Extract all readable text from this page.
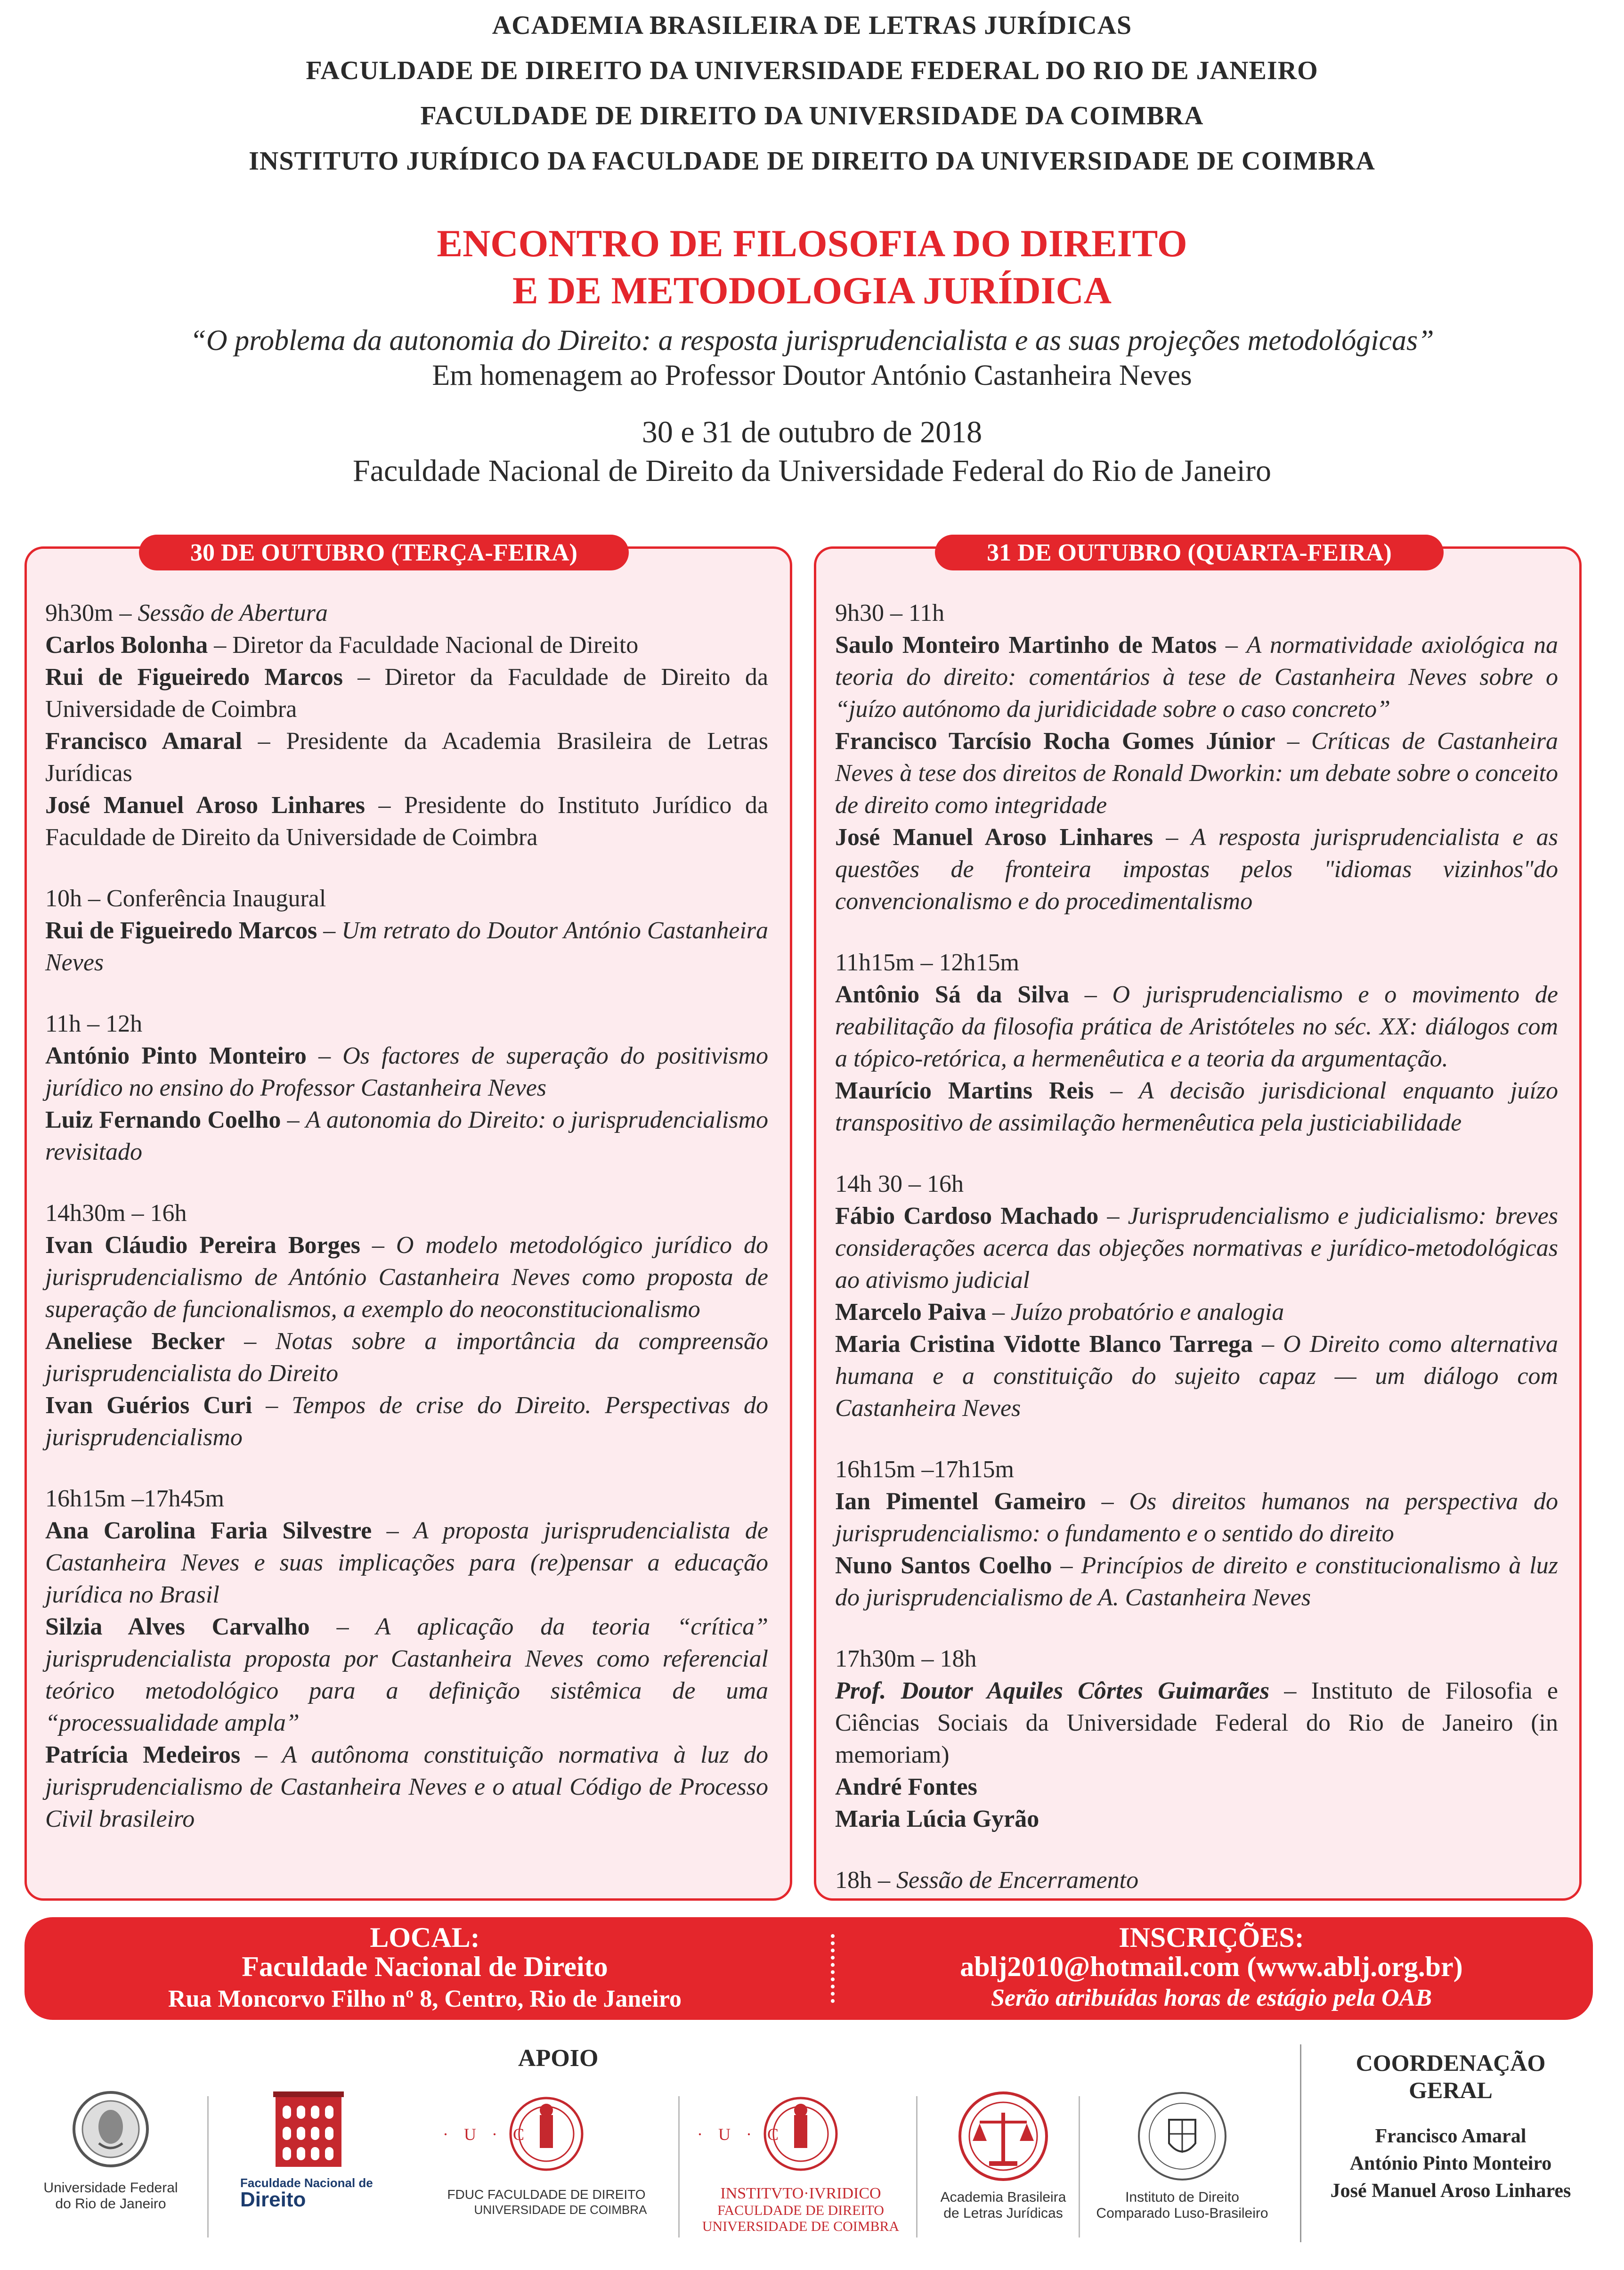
ACADEMIA BRASILEIRA DE LETRAS JURÍDICAS
FACULDADE DE DIREITO DA UNIVERSIDADE FEDERAL DO RIO DE JANEIRO
FACULDADE DE DIREITO DA UNIVERSIDADE DA COIMBRA
INSTITUTO JURÍDICO DA FACULDADE DE DIREITO DA UNIVERSIDADE DE COIMBRA
ENCONTRO DE FILOSOFIA DO DIREITO
E DE METODOLOGIA JURÍDICA
“O problema da autonomia do Direito: a resposta jurisprudencialista e as suas projeções metodológicas”
Em homenagem ao Professor Doutor António Castanheira Neves
30 e 31 de outubro de 2018
Faculdade Nacional de Direito da Universidade Federal do Rio de Janeiro
30 DE OUTUBRO (TERÇA-FEIRA)	31 DE OUTUBRO (QUARTA-FEIRA)

9h30m – Sessão de Abertura

Carlos Bolonha – Diretor da Faculdade Nacional de Direito

Rui de Figueiredo Marcos – Diretor da Faculdade de Direito da Universidade de Coimbra

Francisco Amaral – Presidente da Academia Brasileira de Letras Jurídicas

José Manuel Aroso Linhares – Presidente do Instituto Jurídico da Faculdade de Direito da Universidade de Coimbra

10h – Conferência Inaugural

Rui de Figueiredo Marcos – Um retrato do Doutor António Castanheira Neves

11h – 12h

António Pinto Monteiro – Os factores de superação do positivismo jurídico no ensino do Professor Castanheira Neves

Luiz Fernando Coelho – A autonomia do Direito: o jurisprudencialismo revisitado

14h30m – 16h

Ivan Cláudio Pereira Borges – O modelo metodológico jurídico do jurisprudencialismo de António Castanheira Neves como proposta de superação de funcionalismos, a exemplo do neoconstitucionalismo

Aneliese Becker – Notas sobre a importância da compreensão jurisprudencialista do Direito

Ivan Guérios Curi – Tempos de crise do Direito. Perspectivas do jurisprudencialismo

16h15m –17h45m

Ana Carolina Faria Silvestre – A proposta jurisprudencialista de Castanheira Neves e suas implicações para (re)pensar a educação jurídica no Brasil

Silzia Alves Carvalho – A aplicação da teoria “crítica” jurisprudencialista proposta por Castanheira Neves como referencial teórico metodológico para a definição sistêmica de uma “processualidade ampla”

Patrícia Medeiros – A autônoma constituição normativa à luz do jurisprudencialismo de Castanheira Neves e o atual Código de Processo Civil brasileiro

9h30 – 11h

Saulo Monteiro Martinho de Matos – A normatividade axiológica na teoria do direito: comentários à tese de Castanheira Neves sobre o “juízo autónomo da juridicidade sobre o caso concreto”

Francisco Tarcísio Rocha Gomes Júnior – Críticas de Castanheira Neves à tese dos direitos de Ronald Dworkin: um debate sobre o conceito de direito como integridade

José Manuel Aroso Linhares – A resposta jurisprudencialista e as questões de fronteira impostas pelos "idiomas vizinhos"do convencionalismo e do procedimentalismo

11h15m – 12h15m

Antônio Sá da Silva – O jurisprudencialismo e o movimento de reabilitação da filosofia prática de Aristóteles no séc. XX: diálogos com a tópico-retórica, a hermenêutica e a teoria da argumentação.

Maurício Martins Reis – A decisão jurisdicional enquanto juízo transpositivo de assimilação hermenêutica pela justiciabilidade

14h 30 – 16h

Fábio Cardoso Machado – Jurisprudencialismo e judicialismo: breves considerações acerca das objeções normativas e jurídico-metodológicas ao ativismo judicial

Marcelo Paiva – Juízo probatório e analogia

Maria Cristina Vidotte Blanco Tarrega – O Direito como alternativa humana e a constituição do sujeito capaz — um diálogo com Castanheira Neves

16h15m –17h15m

Ian Pimentel Gameiro – Os direitos humanos na perspectiva do jurisprudencialismo: o fundamento e o sentido do direito

Nuno Santos Coelho – Princípios de direito e constitucionalismo à luz do jurisprudencialismo de A. Castanheira Neves

17h30m – 18h

Prof. Doutor Aquiles Côrtes Guimarães – Instituto de Filosofia e Ciências Sociais da Universidade Federal do Rio de Janeiro (in memoriam)

André Fontes

Maria Lúcia Gyrão

18h – Sessão de Encerramento

LOCAL:
Faculdade Nacional de Direito
Rua Moncorvo Filho nº 8, Centro, Rio de Janeiro
INSCRIÇÕES:
ablj2010@hotmail.com (www.ablj.org.br)
Serão atribuídas horas de estágio pela OAB
APOIO
Universidade Federal
do Rio de Janeiro
Faculdade Nacional de
Direito
· U · C ·
FDUC FACULDADE DE DIREITO
UNIVERSIDADE DE COIMBRA
· U · C ·
INSTITVTO·IVRIDICO
FACULDADE DE DIREITO
UNIVERSIDADE DE COIMBRA
Academia Brasileira
de Letras Jurídicas
Instituto de Direito
Comparado Luso-Brasileiro
COORDENAÇÃO
GERAL
Francisco Amaral
António Pinto Monteiro
José Manuel Aroso Linhares
